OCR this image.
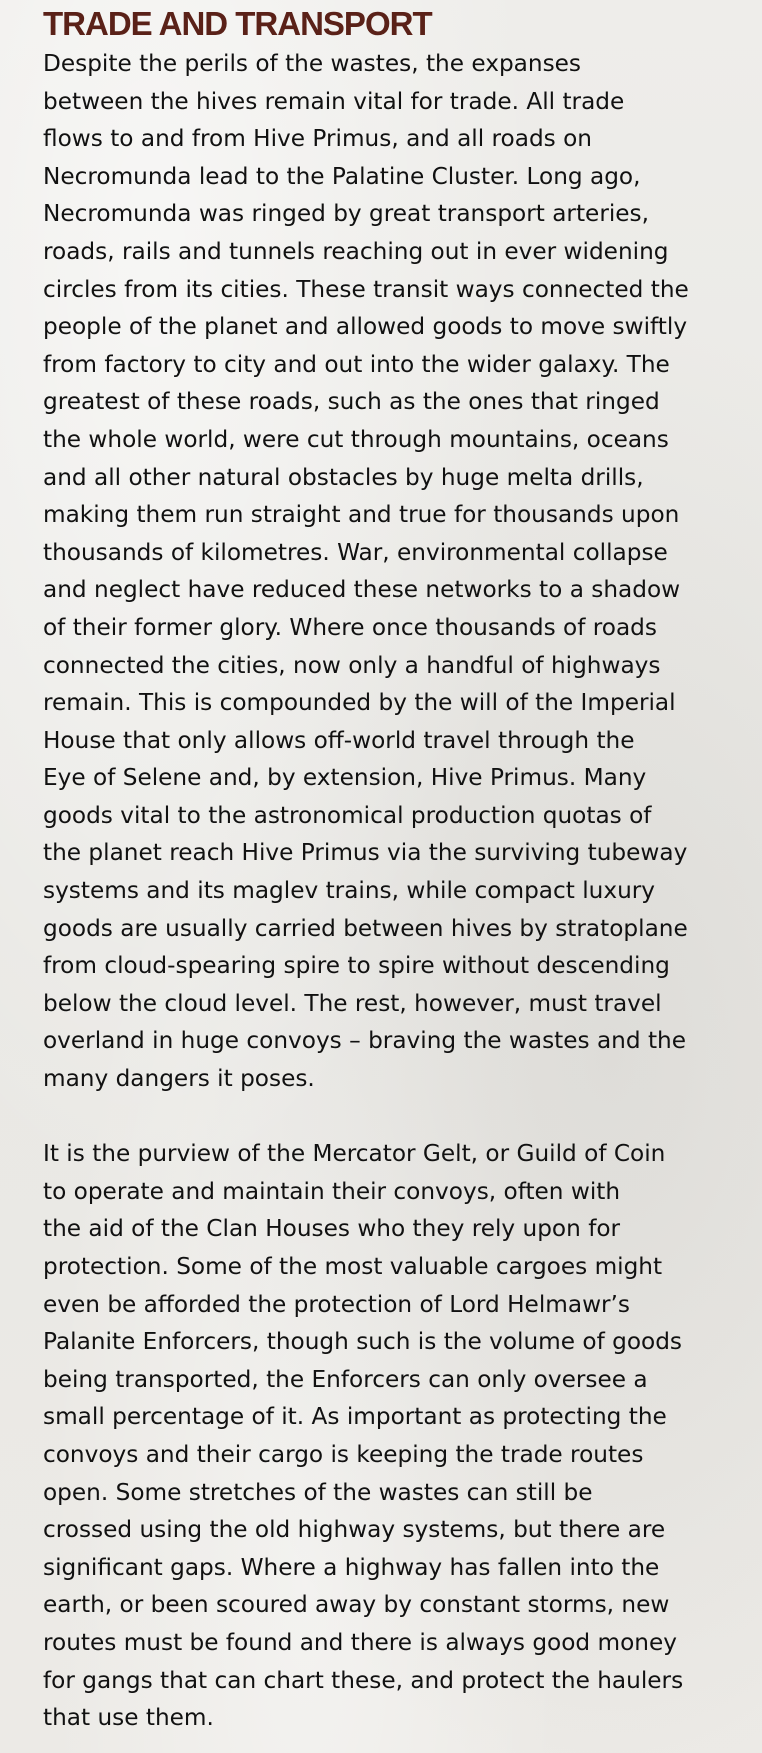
TRADE AND TRANSPORT

Despite the perils of the wastes, the expanses
between the hives remain vital for trade. All trade
flows to and from Hive Primus, and all roads on
Necromunda lead to the Palatine Cluster. Long ago,
Necromunda was ringed by great transport arteries,
roads, rails and tunnels reaching out in ever widening
circles from its cities. These transit ways connected the
people of the planet and allowed goods to move swiftly
from factory to city and out into the wider galaxy. The
greatest of these roads, such as the ones that ringed
the whole world, were cut through mountains, oceans
and all other natural obstacles by huge melta drills,
making them run straight and true for thousands upon
thousands of kilometres. War, environmental collapse
and neglect have reduced these networks to a shadow
of their former glory. Where once thousands of roads
connected the cities, now only a handful of highways
remain. This is compounded by the will of the Imperial
House that only allows off-world travel through the
Eye of Selene and, by extension, Hive Primus. Many
goods vital to the astronomical production quotas of
the planet reach Hive Primus via the surviving tubeway
systems and its maglev trains, while compact luxury
goods are usually carried between hives by stratoplane
from cloud-spearing spire to spire without descending
below the cloud level. The rest, however, must travel
overland in huge convoys – braving the wastes and the
many dangers it poses.

It is the purview of the Mercator Gelt, or Guild of Coin
to operate and maintain their convoys, often with
the aid of the Clan Houses who they rely upon for
protection. Some of the most valuable cargoes might
even be afforded the protection of Lord Helmawr’s
Palanite Enforcers, though such is the volume of goods
being transported, the Enforcers can only oversee a
small percentage of it. As important as protecting the
convoys and their cargo is keeping the trade routes
open. Some stretches of the wastes can still be
crossed using the old highway systems, but there are
significant gaps. Where a highway has fallen into the
earth, or been scoured away by constant storms, new
routes must be found and there is always good money
for gangs that can chart these, and protect the haulers
that use them.
